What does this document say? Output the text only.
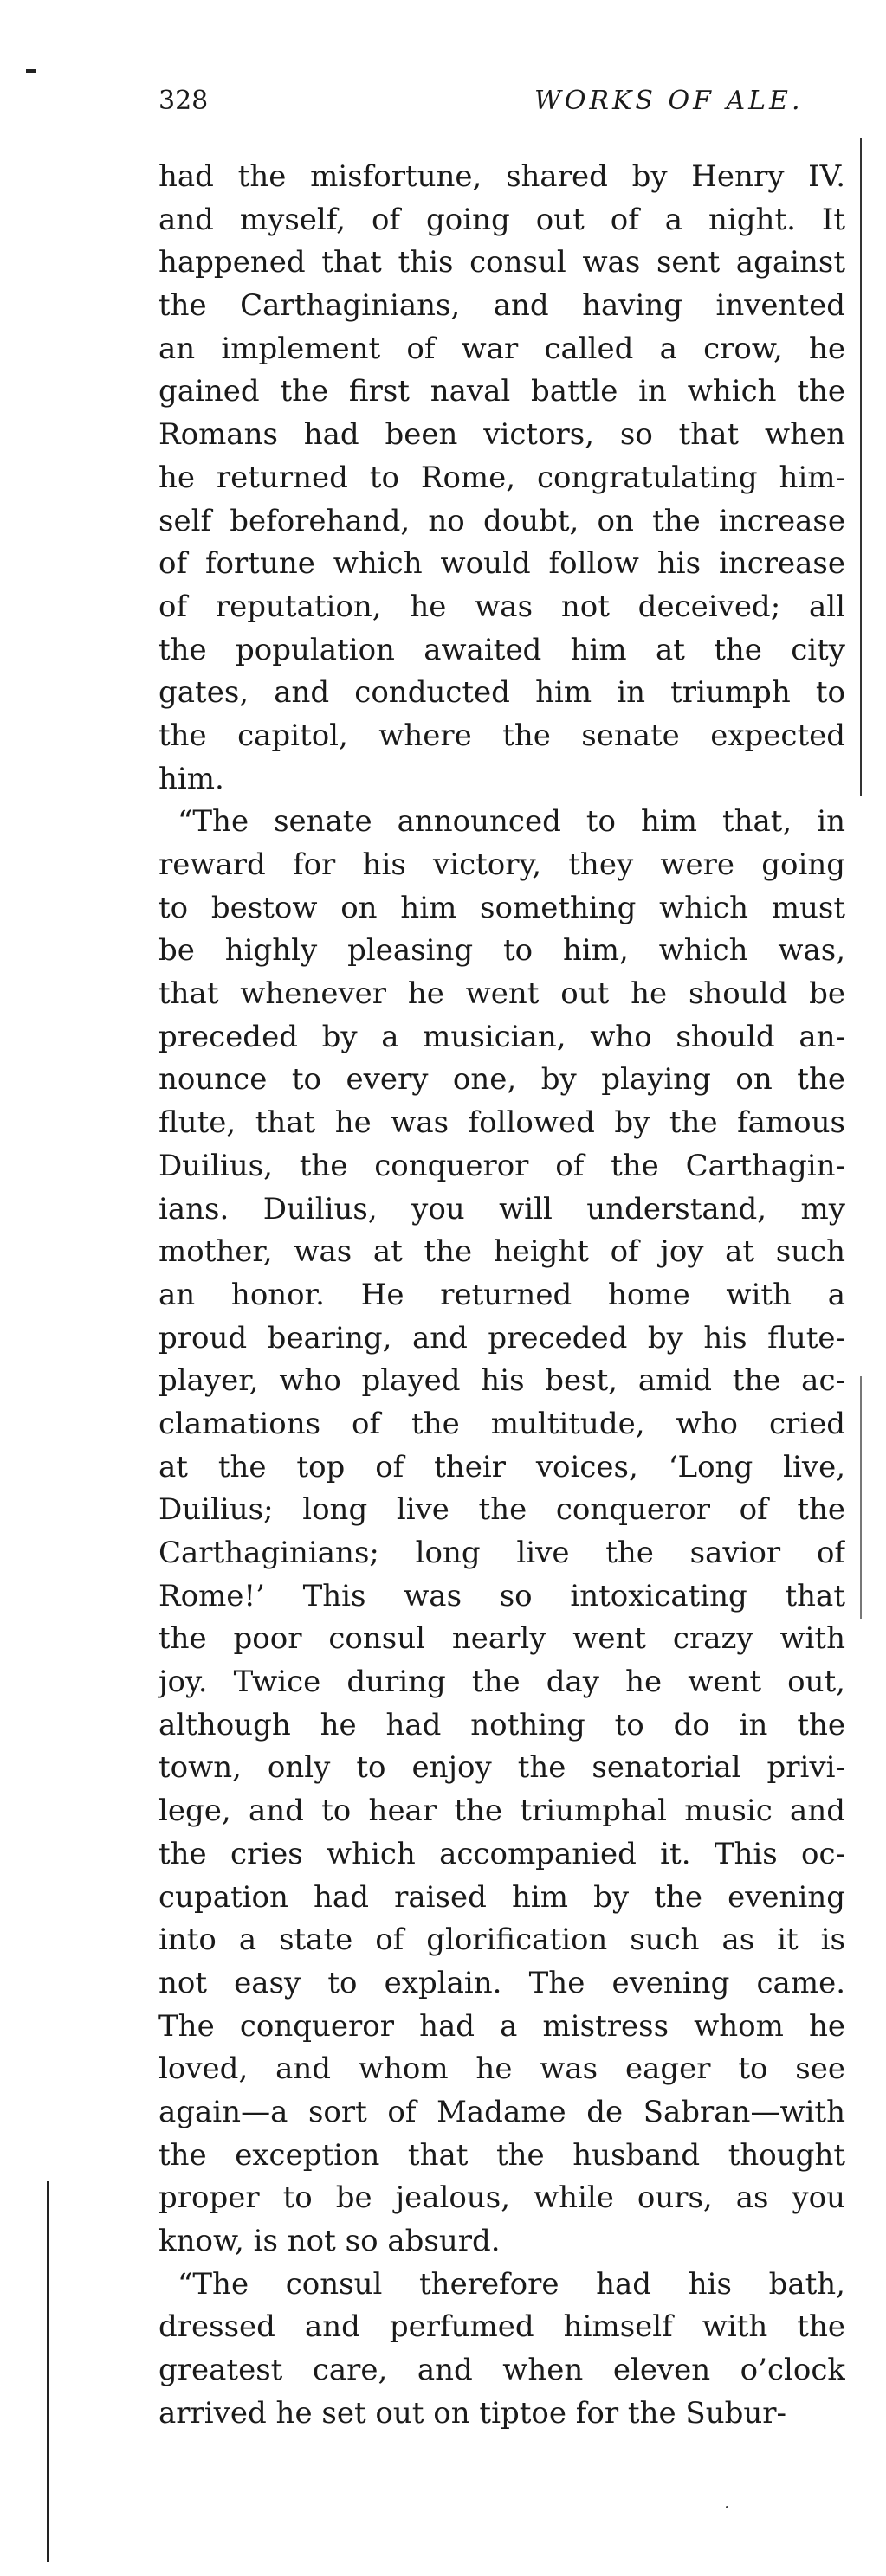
328	WORKS OF ALE.
had the misfortune, shared by Henry IV.
and myself, of going out of a night. It
happened that this consul was sent against
the Carthaginians, and having invented
an implement of war called a crow, he
gained the first naval battle in which the
Romans had been victors, so that when
he returned to Rome, congratulating him-
self beforehand, no doubt, on the increase
of fortune which would follow his increase
of reputation, he was not deceived; all
the population awaited him at the city
gates, and conducted him in triumph to
the capitol, where the senate expected
him.
“The senate announced to him that, in
reward for his victory, they were going
to bestow on him something which must
be highly pleasing to him, which was,
that whenever he went out he should be
preceded by a musician, who should an-
nounce to every one, by playing on the
flute, that he was followed by the famous
Duilius, the conqueror of the Carthagin-
ians. Duilius, you will understand, my
mother, was at the height of joy at such
an honor. He returned home with a
proud bearing, and preceded by his flute-
player, who played his best, amid the ac-
clamations of the multitude, who cried
at the top of their voices, ‘Long live,
Duilius; long live the conqueror of the
Carthaginians; long live the savior of
Rome!’ This was so intoxicating that
the poor consul nearly went crazy with
joy. Twice during the day he went out,
although he had nothing to do in the
town, only to enjoy the senatorial privi-
lege, and to hear the triumphal music and
the cries which accompanied it. This oc-
cupation had raised him by the evening
into a state of glorification such as it is
not easy to explain. The evening came.
The conqueror had a mistress whom he
loved, and whom he was eager to see
again—a sort of Madame de Sabran—with
the exception that the husband thought
proper to be jealous, while ours, as you
know, is not so absurd.
“The consul therefore had his bath,
dressed and perfumed himself with the
greatest care, and when eleven o’clock
arrived he set out on tiptoe for the Subur-
